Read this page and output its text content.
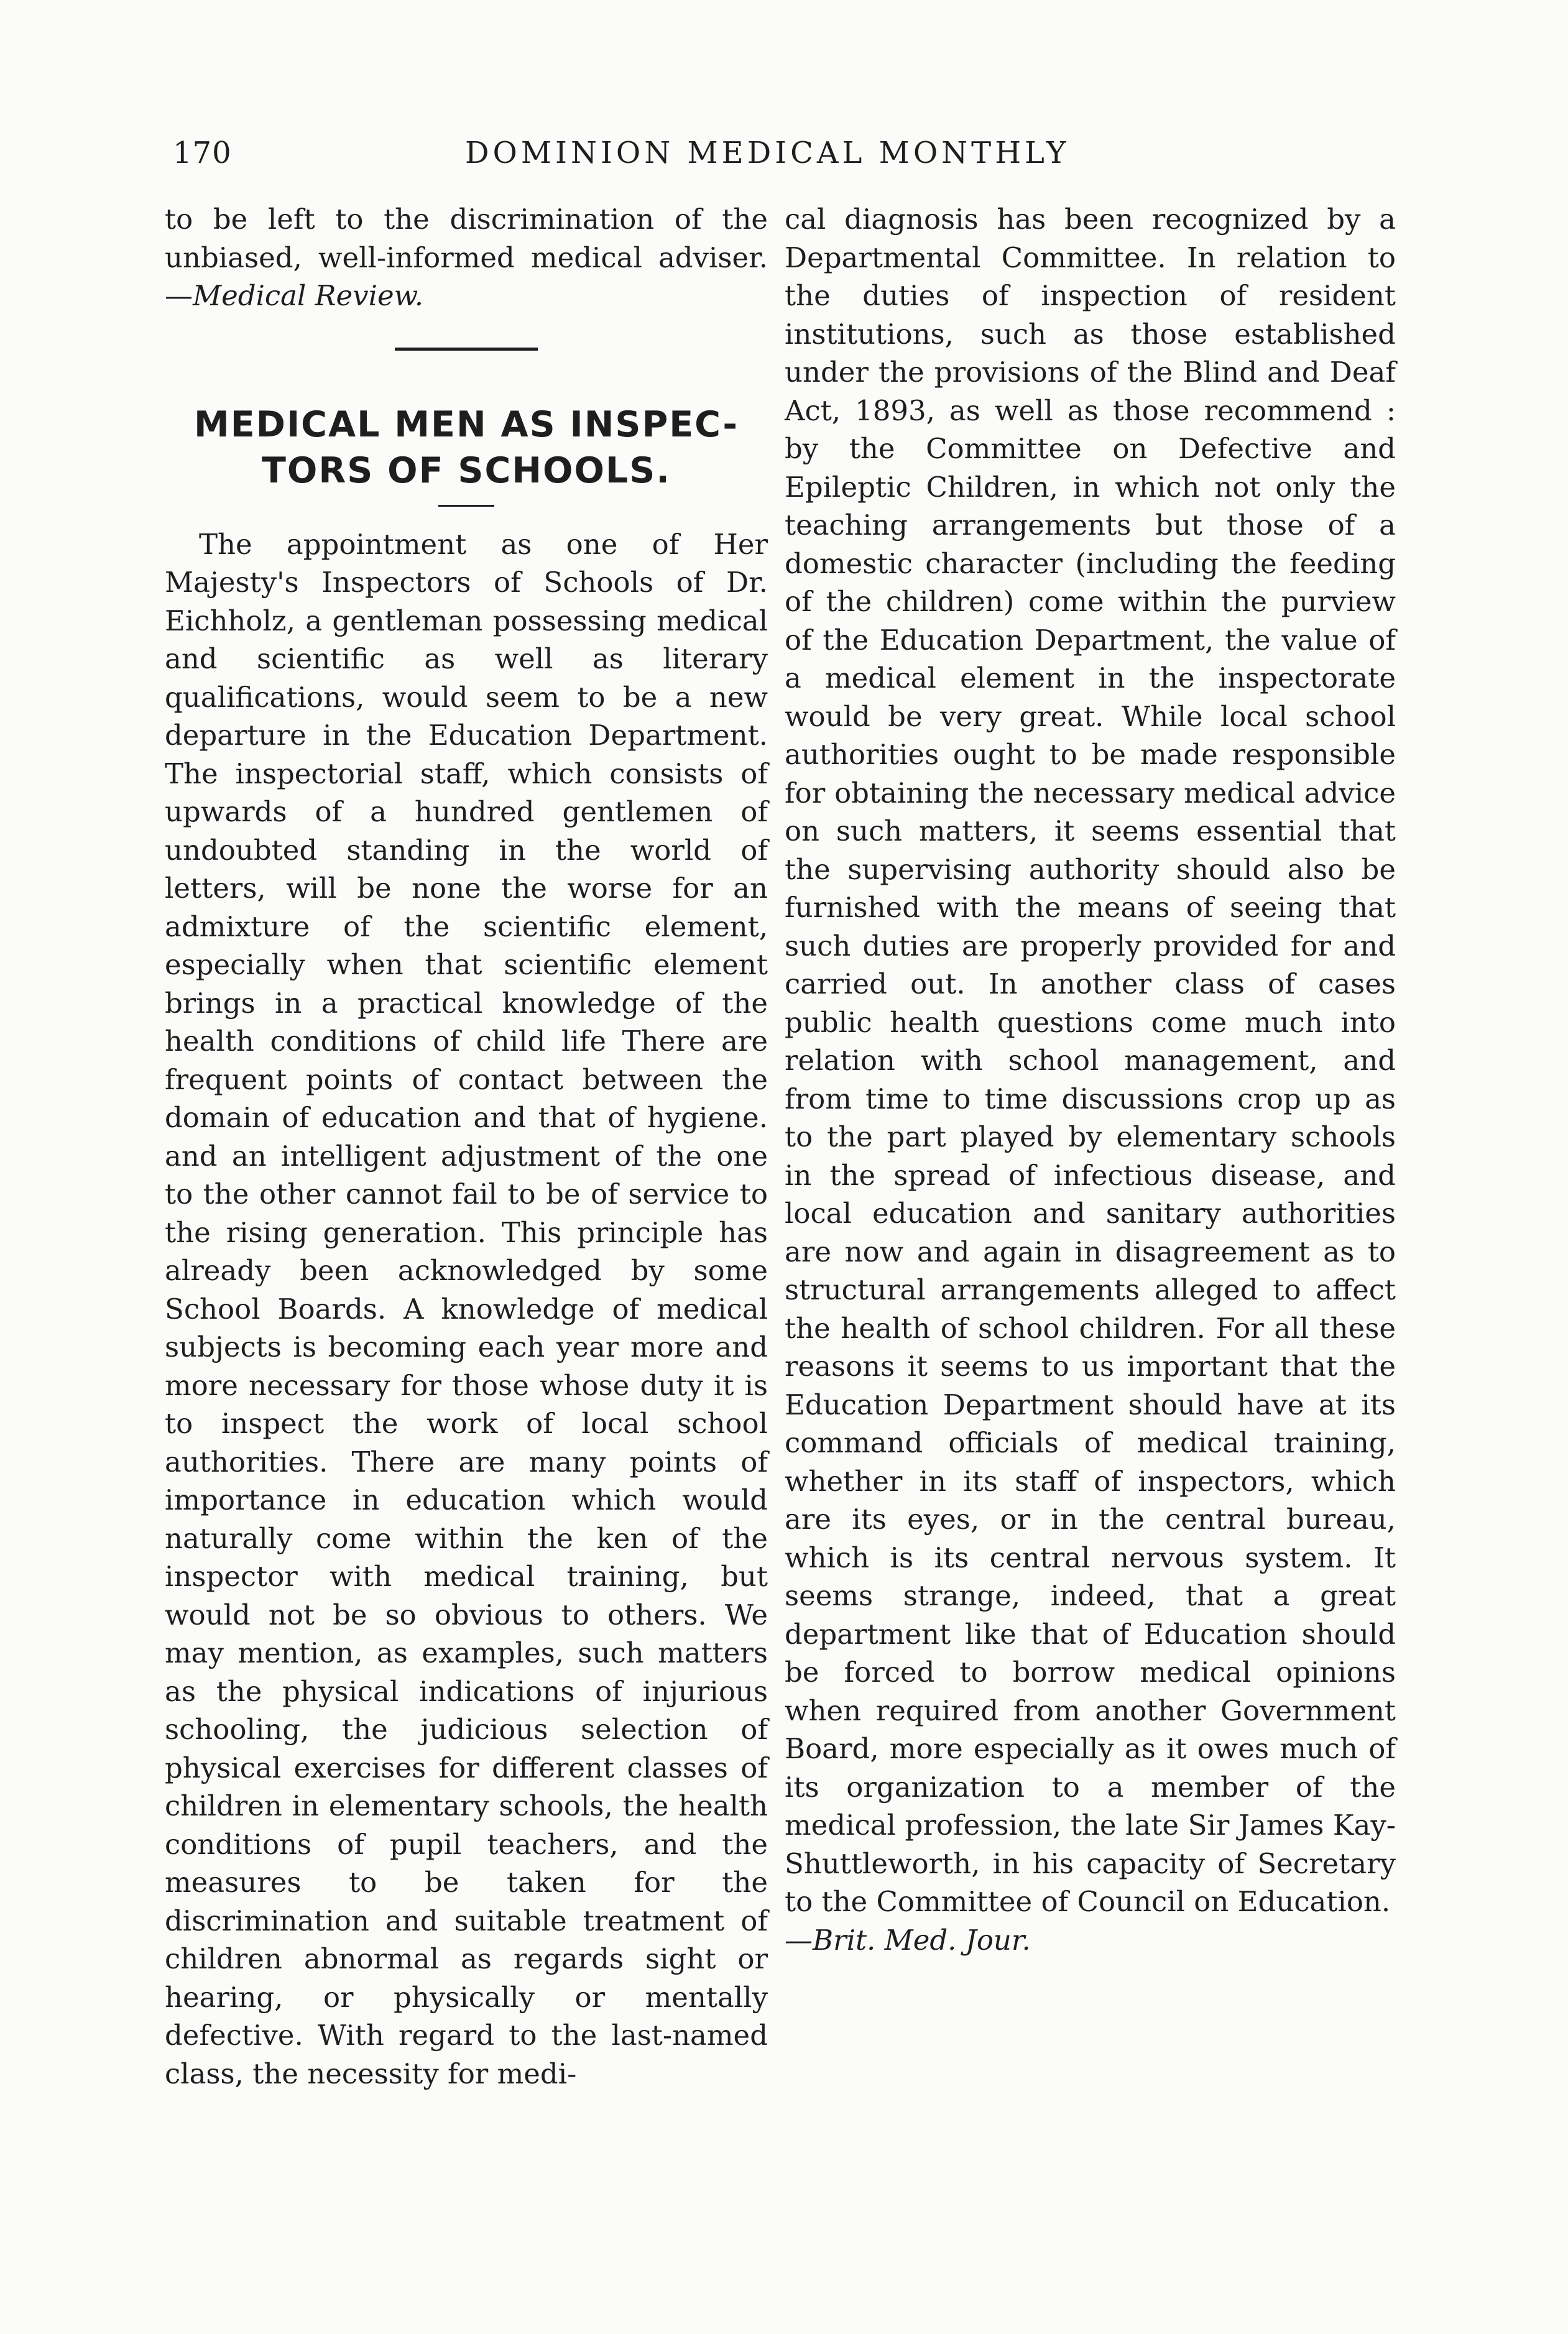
170	DOMINION MEDICAL MONTHLY

to be left to the discrimination of the unbiased, well-informed medical adviser.—Medical Review.

MEDICAL MEN AS INSPEC-
TORS OF SCHOOLS.

The appointment as one of Her Majesty's Inspectors of Schools of Dr. Eichholz, a gentleman possessing medical and scientific as well as literary qualifications, would seem to be a new departure in the Education Department. The inspectorial staff, which consists of upwards of a hundred gentlemen of undoubted standing in the world of letters, will be none the worse for an admixture of the scientific element, especially when that scientific element brings in a practical knowledge of the health conditions of child life There are frequent points of contact between the domain of education and that of hygiene. and an intelligent adjustment of the one to the other cannot fail to be of service to the rising generation. This principle has already been acknowledged by some School Boards. A knowledge of medical subjects is becoming each year more and more necessary for those whose duty it is to inspect the work of local school authorities. There are many points of importance in education which would naturally come within the ken of the inspector with medical training, but would not be so obvious to others. We may mention, as examples, such matters as the physical indications of injurious schooling, the judicious selection of physical exercises for different classes of children in elementary schools, the health conditions of pupil teachers, and the measures to be taken for the discrimination and suitable treatment of children abnormal as regards sight or hearing, or physically or mentally defective. With regard to the last-named class, the necessity for medi-

cal diagnosis has been recognized by a Departmental Committee. In relation to the duties of inspection of resident institutions, such as those established under the provisions of the Blind and Deaf Act, 1893, as well as those recommend : by the Committee on Defective and Epileptic Children, in which not only the teaching arrangements but those of a domestic character (including the feeding of the children) come within the purview of the Education Department, the value of a medical element in the inspectorate would be very great. While local school authorities ought to be made responsible for obtaining the necessary medical advice on such matters, it seems essential that the supervising authority should also be furnished with the means of seeing that such duties are properly provided for and carried out. In another class of cases public health questions come much into relation with school management, and from time to time discussions crop up as to the part played by elementary schools in the spread of infectious disease, and local education and sanitary authorities are now and again in disagreement as to structural arrangements alleged to affect the health of school children. For all these reasons it seems to us important that the Education Department should have at its command officials of medical training, whether in its staff of inspectors, which are its eyes, or in the central bureau, which is its central nervous system. It seems strange, indeed, that a great department like that of Education should be forced to borrow medical opinions when required from another Government Board, more especially as it owes much of its organization to a member of the medical profession, the late Sir James Kay-Shuttleworth, in his capacity of Secretary to the Committee of Council on Education.

—Brit. Med. Jour.
